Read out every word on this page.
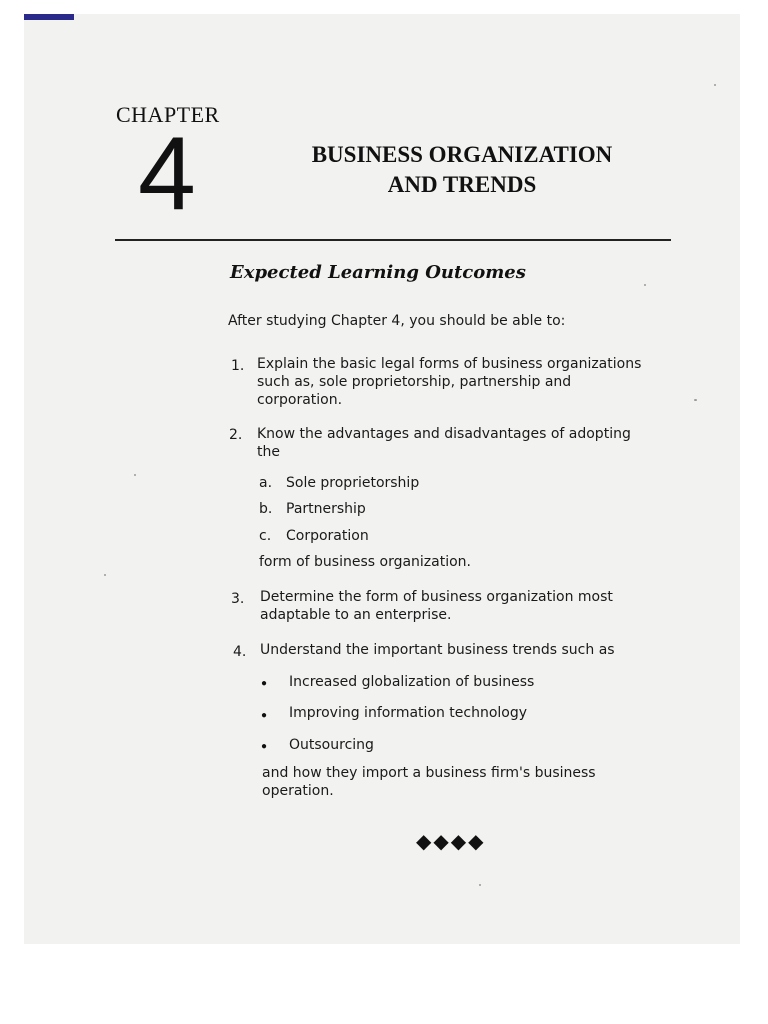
CHAPTER
4	BUSINESS ORGANIZATION
AND TRENDS
Expected Learning Outcomes
After studying Chapter 4, you should be able to:
1. Explain the basic legal forms of business organizations
such as, sole proprietorship, partnership and
corporation.
2. Know the advantages and disadvantages of adopting
the
a. Sole proprietorship
b. Partnership
c. Corporation
form of business organization.
3. Determine the form of business organization most
adaptable to an enterprise.
4. Understand the important business trends such as
● Increased globalization of business
● Improving information technology
● Outsourcing
and how they import a business firm's business
operation.
◆◆◆◆
